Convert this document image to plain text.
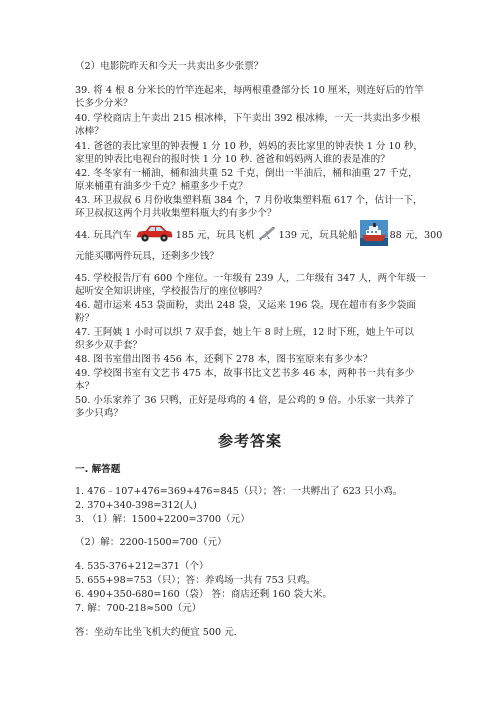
（2）电影院昨天和今天一共卖出多少张票？
39. 将 4 根 8 分米长的竹竿连起来，每两根重叠部分长 10 厘米，则连好后的竹竿
长多少分米？
40. 学校商店上午卖出 215 根冰棒，下午卖出 392 根冰棒，一天一共卖出多少根
冰棒？
41. 爸爸的表比家里的钟表慢 1 分 10 秒，妈妈的表比家里的钟表快 1 分 10 秒，
家里的钟表比电视台的报时快 1 分 10 秒. 爸爸和妈妈两人谁的表是准的？
42. 冬冬家有一桶油，桶和油共重 52 千克，倒出一半油后，桶和油重 27 千克，
原来桶重有油多少千克？桶重多少千克？
43. 环卫叔叔 6 月份收集塑料瓶 384 个，7 月份收集塑料瓶 617 个，估计一下，
环卫叔叔这两个月共收集塑料瓶大约有多少个？
44. 玩具汽车	185 元，玩具飞机	139 元，玩具轮船	88 元，300
元能买哪两件玩具，还剩多少钱？
45. 学校报告厅有 600 个座位。一年级有 239 人，二年级有 347 人，两个年级一
起听安全知识讲座，学校报告厅的座位够吗？
46. 超市运来 453 袋面粉，卖出 248 袋，又运来 196 袋。现在超市有多少袋面
粉？
47. 王阿姨 1 小时可以织 7 双手套，她上午 8 时上班，12 时下班，她上午可以
织多少双手套？
48. 图书室借出图书 456 本，还剩下 278 本，图书室原来有多少本？
49. 学校图书室有文艺书 475 本，故事书比文艺书多 46 本，两种书一共有多少
本？
50. 小乐家养了 36 只鸭，正好是母鸡的 4 倍，是公鸡的 9 倍。小乐家一共养了
多少只鸡？
参考答案
一. 解答题
1. 476﹣107+476=369+476=845（只）；答：一共孵出了 623 只小鸡。
2. 370+340-398=312(人)
3. （1）解：1500+2200=3700（元）
（2）解：2200-1500=700（元）
4. 535-376+212=371（个）
5. 655+98=753（只）；答：养鸡场一共有 753 只鸡。
6. 490+350-680=160（袋） 答：商店还剩 160 袋大米。
7. 解：700-218≈500（元）
答：坐动车比坐飞机大约便宜 500 元.
